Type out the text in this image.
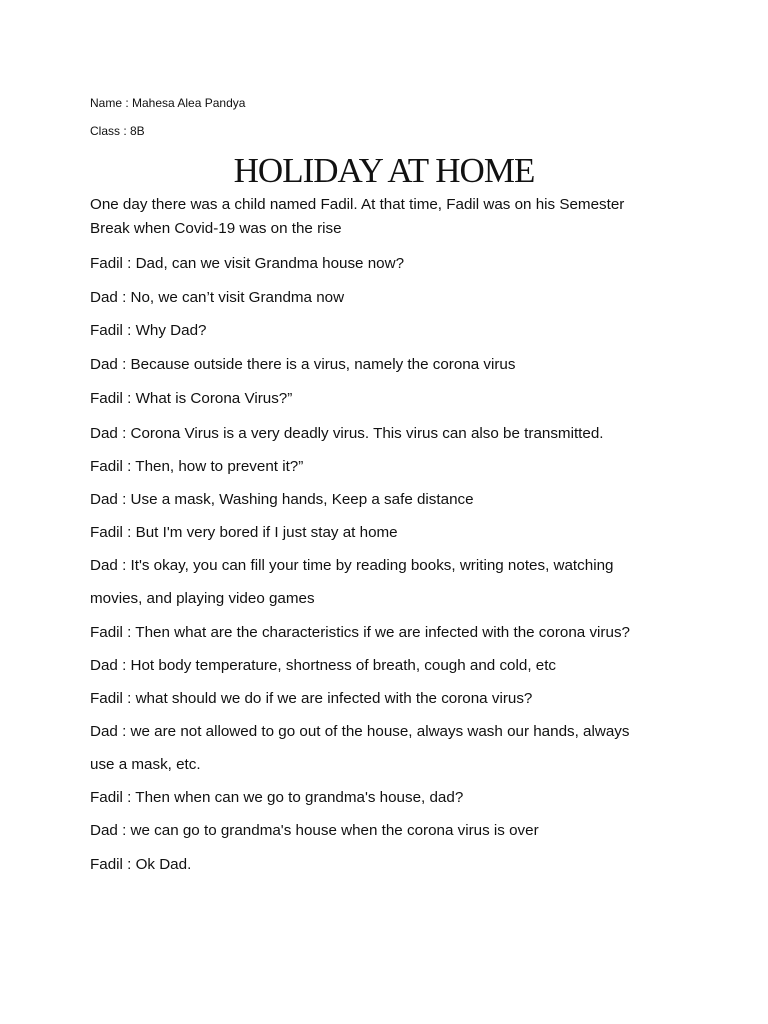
Name : Mahesa Alea Pandya
Class : 8B
HOLIDAY AT HOME
One day there was a child named Fadil. At that time, Fadil was on his Semester
Break when Covid-19 was on the rise
Fadil : Dad, can we visit Grandma house now?
Dad : No, we can’t visit Grandma now
Fadil : Why Dad?
Dad : Because outside there is a virus, namely the corona virus
Fadil : What is Corona Virus?”
Dad : Corona Virus is a very deadly virus. This virus can also be transmitted.
Fadil : Then, how to prevent it?”
Dad : Use a mask, Washing hands, Keep a safe distance
Fadil : But I'm very bored if I just stay at home
Dad : It's okay, you can fill your time by reading books, writing notes, watching
movies, and playing video games
Fadil : Then what are the characteristics if we are infected with the corona virus?
Dad : Hot body temperature, shortness of breath, cough and cold, etc
Fadil : what should we do if we are infected with the corona virus?
Dad : we are not allowed to go out of the house, always wash our hands, always
use a mask, etc.
Fadil : Then when can we go to grandma's house, dad?
Dad : we can go to grandma's house when the corona virus is over
Fadil : Ok Dad.
